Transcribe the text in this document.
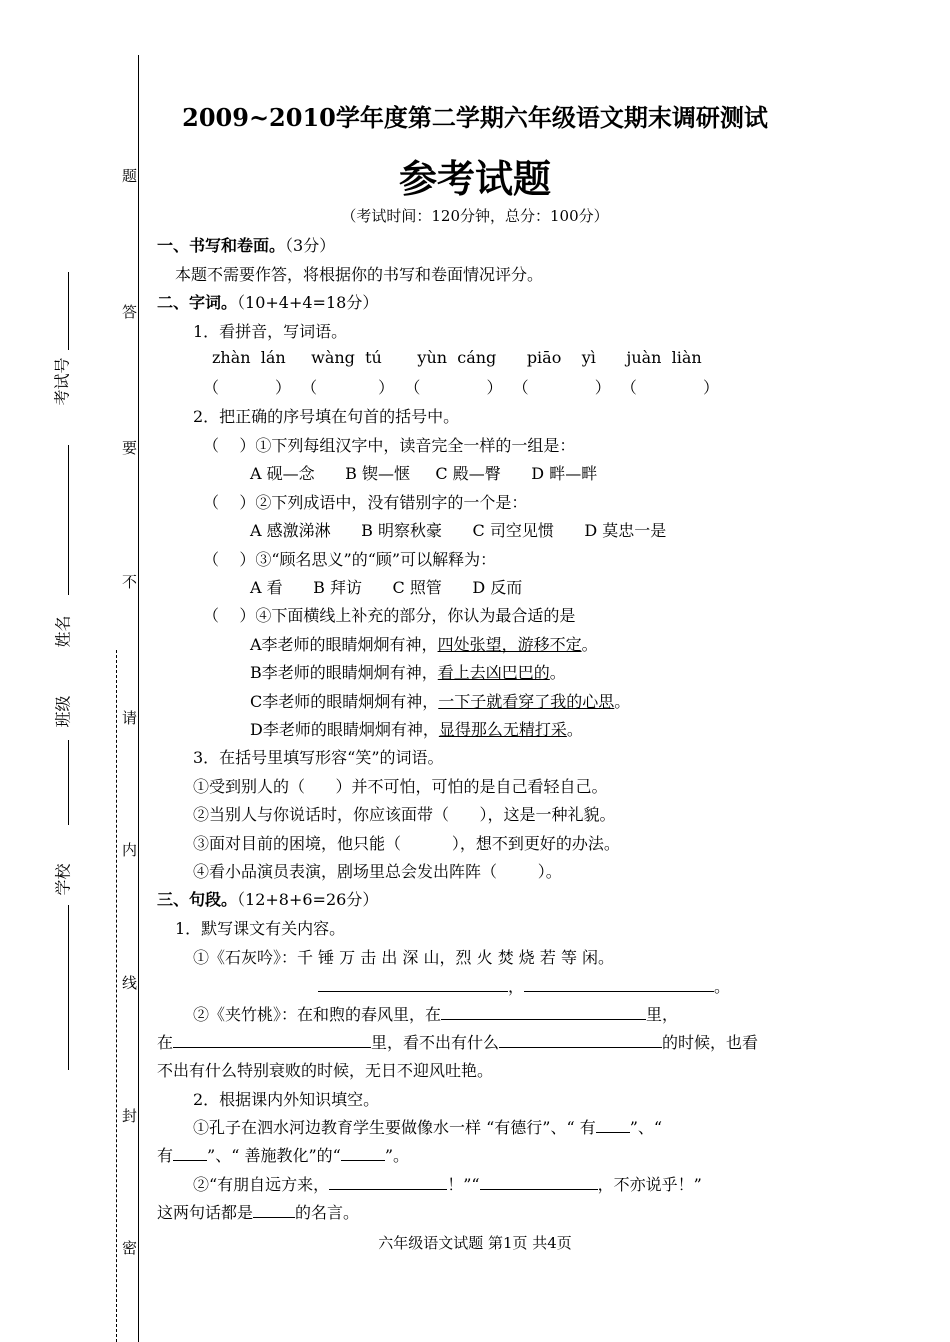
题
答
要
不
请
内
线
封
密
考试号
姓名
班级
学校
2009~2010学年度第二学期六年级语文期末调研测试
参考试题
（考试时间：120分钟，总分：100分）
一、书写和卷面。（3分）
本题不需要作答，将根据你的书写和卷面情况评分。
二、字词。（10+4+4=18分）
1．看拼音，写词语。
zhàn  lán     wàng  tú       yùn  cáng      piāo    yì      juàn  liàn
（           ）  （            ）  （             ）  （             ）  （             ）
2．把正确的序号填在句首的括号中。
（    ）①下列每组汉字中，读音完全一样的一组是：
A 砚—念      B 锲—惬     C 殿—臀      D 畔—畔
（    ）②下列成语中，没有错别字的一个是：
A 感激涕淋      B 明察秋豪      C 司空见惯      D 莫忠一是
（    ）③“顾名思义”的“顾”可以解释为：
A 看      B 拜访      C 照管      D 反而
（    ）④下面横线上补充的部分，你认为最合适的是
A李老师的眼睛炯炯有神，四处张望，游移不定。
B李老师的眼睛炯炯有神，看上去凶巴巴的。
C李老师的眼睛炯炯有神，一下子就看穿了我的心思。
D李老师的眼睛炯炯有神，显得那么无精打采。
3．在括号里填写形容“笑”的词语。
①受到别人的（      ）并不可怕，可怕的是自己看轻自己。
②当别人与你说话时，你应该面带（      ），这是一种礼貌。
③面对目前的困境，他只能（          ），想不到更好的办法。
④看小品演员表演，剧场里总会发出阵阵（        ）。
三、句段。（12+8+6=26分）
1．默写课文有关内容。
①《石灰吟》：千 锤 万 击 出 深 山，烈 火 焚 烧 若 等 闲。
，	。
②《夹竹桃》：在和煦的春风里，在	里，
在	里，看不出有什么	的时候，也看
不出有什么特别衰败的时候，无日不迎风吐艳。
2．根据课内外知识填空。
①孔子在泗水河边教育学生要做像水一样 “有德行”、“ 有 ”、“
有 ”、“ 善施教化”的“	”。
②“有朋自远方来，	！”“	，不亦说乎！”
这两句话都是	的名言。
六年级语文试题 第1页 共4页
